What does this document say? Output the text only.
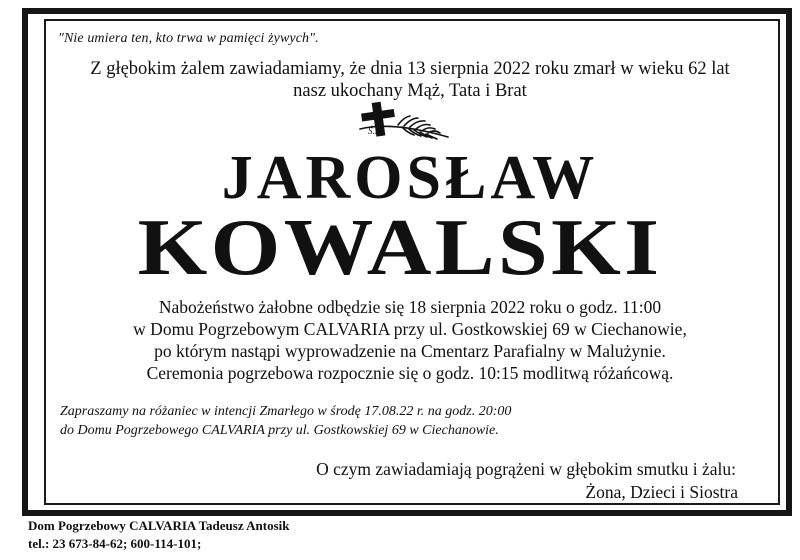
"Nie umiera ten, kto trwa w pamięci żywych".
Z głębokim żalem zawiadamiamy, że dnia 13 sierpnia 2022 roku zmarł w wieku 62 lat
nasz ukochany Mąż, Tata i Brat
Ś.P.
JAROSŁAW
KOWALSKI
Nabożeństwo żałobne odbędzie się 18 sierpnia 2022 roku o godz. 11:00
w Domu Pogrzebowym CALVARIA przy ul. Gostkowskiej 69 w Ciechanowie,
po którym nastąpi wyprowadzenie na Cmentarz Parafialny w Malużynie.
Ceremonia pogrzebowa rozpocznie się o godz. 10:15 modlitwą różańcową.
Zapraszamy na różaniec w intencji Zmarłego w środę 17.08.22 r. na godz. 20:00
do Domu Pogrzebowego CALVARIA przy ul. Gostkowskiej 69 w Ciechanowie.
O czym zawiadamiają pogrążeni w głębokim smutku i żalu:
Żona, Dzieci i Siostra
Dom Pogrzebowy CALVARIA Tadeusz Antosik
tel.: 23 673-84-62; 600-114-101;
